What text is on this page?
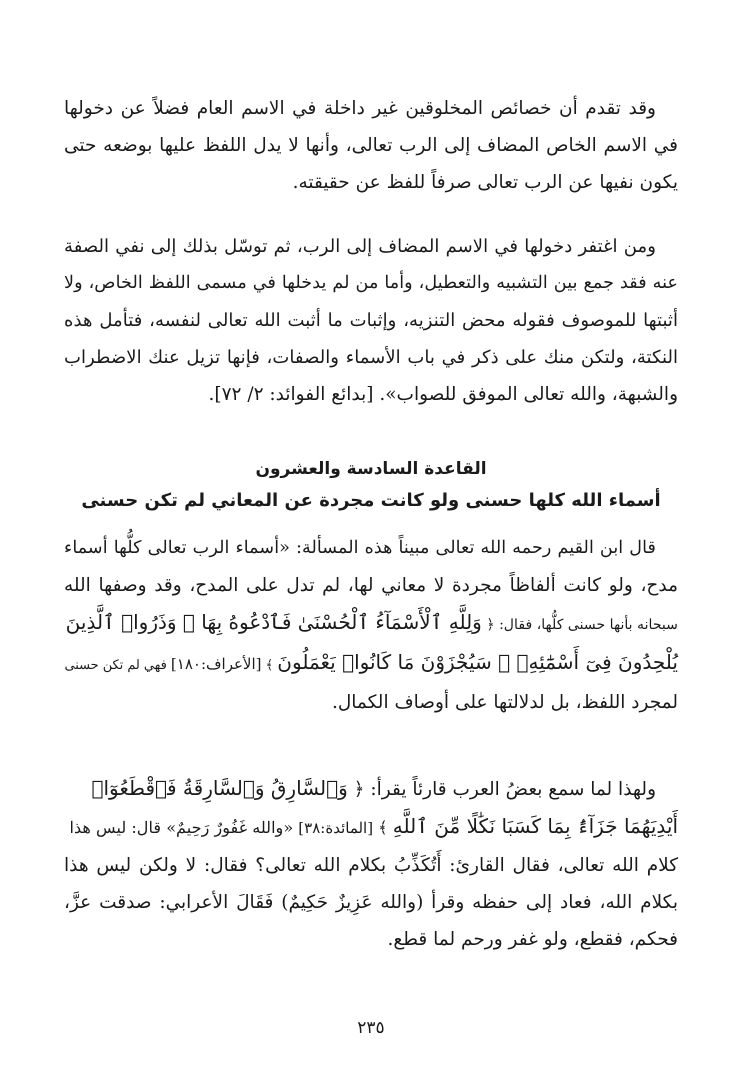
وقد تقدم أن خصائص المخلوقين غير داخلة في الاسم العام فضلاً عن دخولها
في الاسم الخاص المضاف إلى الرب تعالى، وأنها لا يدل اللفظ عليها بوضعه حتى
يكون نفيها عن الرب تعالى صرفاً للفظ عن حقيقته.
ومن اغتفر دخولها في الاسم المضاف إلى الرب، ثم توسّل بذلك إلى نفي الصفة
عنه فقد جمع بين التشبيه والتعطيل، وأما من لم يدخلها في مسمى اللفظ الخاص، ولا
أثبتها للموصوف فقوله محض التنزيه، وإثبات ما أثبت الله تعالى لنفسه، فتأمل هذه
النكتة، ولتكن منك على ذكر في باب الأسماء والصفات، فإنها تزيل عنك الاضطراب
والشبهة، والله تعالى الموفق للصواب». [بدائع الفوائد: ٢/ ٧٢].
القاعدة السادسة والعشرون
أسماء الله كلها حسنى ولو كانت مجردة عن المعاني لم تكن حسنى
قال ابن القيم رحمه الله تعالى مبيناً هذه المسألة: «أسماء الرب تعالى كلُّها أسماء
مدح، ولو كانت ألفاظاً مجردة لا معاني لها، لم تدل على المدح، وقد وصفها الله
سبحانه بأنها حسنى كلُّها، فقال: ﴿ وَلِلَّهِ ٱلْأَسْمَآءُ ٱلْحُسْنَىٰ فَٱدْعُوهُ بِهَا ۖ وَذَرُوا۟ ٱلَّذِينَ
يُلْحِدُونَ فِىٓ أَسْمَٰٓئِهِۦ ۚ سَيُجْزَوْنَ مَا كَانُوا۟ يَعْمَلُونَ ﴾ [الأعراف:١٨٠] فهي لم تكن حسنى
لمجرد اللفظ، بل لدلالتها على أوصاف الكمال.
ولهذا لما سمع بعضُ العرب قارئاً يقرأ: ﴿ وَٱلسَّارِقُ وَٱلسَّارِقَةُ فَٱقْطَعُوٓا۟
أَيْدِيَهُمَا جَزَآءًۢ بِمَا كَسَبَا نَكَٰلًا مِّنَ ٱللَّهِ ﴾ [المائدة:٣٨] «والله غَفُورٌ رَحِيمٌ» قال: ليس هذا
كلام الله تعالى، فقال القارئ: أَتُكَذِّبُ بكلام الله تعالى؟ فقال: لا ولكن ليس هذا
بكلام الله، فعاد إلى حفظه وقرأ (والله عَزِيزٌ حَكِيمٌ) فَقَالَ الأعرابي: صدقت عزَّ،
فحكم، فقطع، ولو غفر ورحم لما قطع.
٢٣٥
